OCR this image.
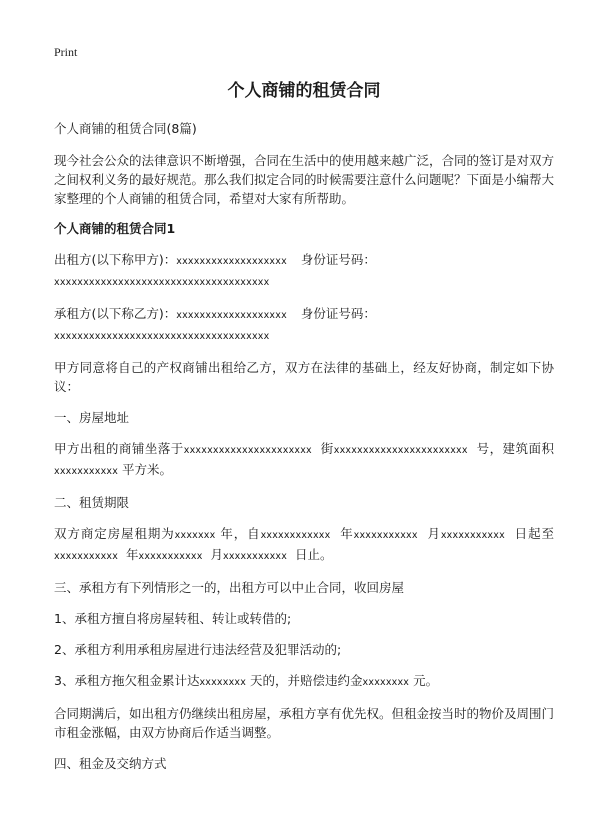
Print
个人商铺的租赁合同
个人商铺的租赁合同(8篇)

现今社会公众的法律意识不断增强，合同在生活中的使用越来越广泛，合同的签订是对双方之间权利义务的最好规范。那么我们拟定合同的时候需要注意什么问题呢？下面是小编帮大家整理的个人商铺的租赁合同，希望对大家有所帮助。

个人商铺的租赁合同1

出租方(以下称甲方)：xxxxxxxxxxxxxxxxxxx 身份证号码：
xxxxxxxxxxxxxxxxxxxxxxxxxxxxxxxxxxxxx

承租方(以下称乙方)：xxxxxxxxxxxxxxxxxxx 身份证号码：
xxxxxxxxxxxxxxxxxxxxxxxxxxxxxxxxxxxxx

甲方同意将自己的产权商铺出租给乙方，双方在法律的基础上，经友好协商，制定如下协议：

一、房屋地址

甲方出租的商铺坐落于xxxxxxxxxxxxxxxxxxxxxx 街xxxxxxxxxxxxxxxxxxxxxxx 号，建筑面积xxxxxxxxxxx 平方米。

二、租赁期限

双方商定房屋租期为xxxxxxx 年，自xxxxxxxxxxxx 年xxxxxxxxxxx 月xxxxxxxxxxx 日起至xxxxxxxxxxx 年xxxxxxxxxxx 月xxxxxxxxxxx 日止。

三、承租方有下列情形之一的，出租方可以中止合同，收回房屋

1、承租方擅自将房屋转租、转让或转借的;

2、承租方利用承租房屋进行违法经营及犯罪活动的;

3、承租方拖欠租金累计达xxxxxxxx 天的，并赔偿违约金xxxxxxxx 元。

合同期满后，如出租方仍继续出租房屋，承租方享有优先权。但租金按当时的物价及周围门市租金涨幅，由双方协商后作适当调整。

四、租金及交纳方式
